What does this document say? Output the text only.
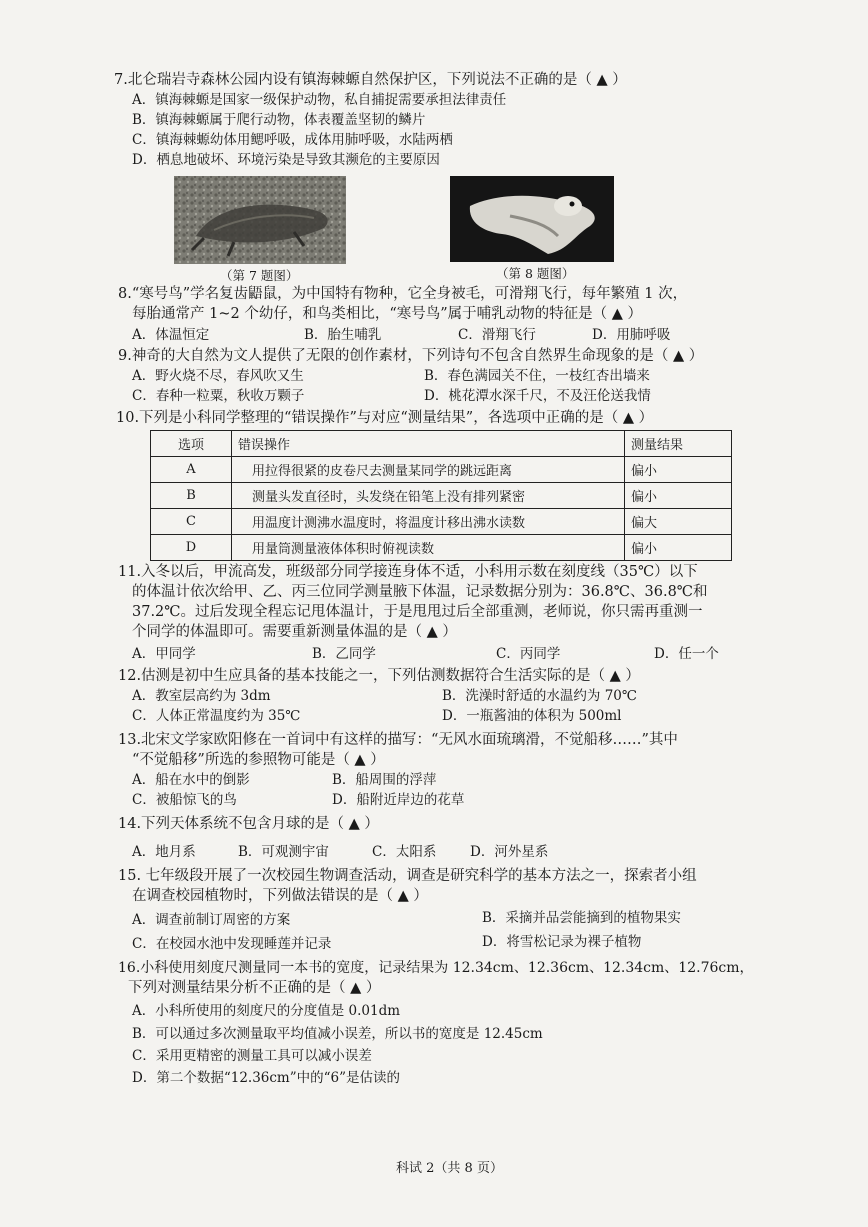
7.北仑瑞岩寺森林公园内设有镇海棘螈自然保护区，下列说法不正确的是（ ▲ ）
A．镇海棘螈是国家一级保护动物，私自捕捉需要承担法律责任
B．镇海棘螈属于爬行动物，体表覆盖坚韧的鳞片
C．镇海棘螈幼体用鳃呼吸，成体用肺呼吸，水陆两栖
D．栖息地破坏、环境污染是导致其濒危的主要原因
（第 7 题图）	（第 8 题图）
8.“寒号鸟”学名复齿鼯鼠，为中国特有物种，它全身被毛，可滑翔飞行，每年繁殖 1 次，
每胎通常产 1~2 个幼仔，和鸟类相比，“寒号鸟”属于哺乳动物的特征是（ ▲ ）
A．体温恒定	B．胎生哺乳	C．滑翔飞行	D．用肺呼吸
9.神奇的大自然为文人提供了无限的创作素材，下列诗句不包含自然界生命现象的是（ ▲ ）
A．野火烧不尽，春风吹又生	B．春色满园关不住，一枝红杏出墙来
C．春种一粒粟，秋收万颗子	D．桃花潭水深千尺，不及汪伦送我情
10.下列是小科同学整理的“错误操作”与对应“测量结果”，各选项中正确的是（ ▲ ）
选项	错误操作	测量结果
A	用拉得很紧的皮卷尺去测量某同学的跳远距离	偏小
B	测量头发直径时，头发绕在铅笔上没有排列紧密	偏小
C	用温度计测沸水温度时，将温度计移出沸水读数	偏大
D	用量筒测量液体体积时俯视读数	偏小
11.入冬以后，甲流高发，班级部分同学接连身体不适，小科用示数在刻度线（35℃）以下
的体温计依次给甲、乙、丙三位同学测量腋下体温，记录数据分别为：36.8℃、36.8℃和
37.2℃。过后发现全程忘记甩体温计，于是甩甩过后全部重测，老师说，你只需再重测一
个同学的体温即可。需要重新测量体温的是（ ▲ ）
A．甲同学	B．乙同学	C．丙同学	D．任一个
12.估测是初中生应具备的基本技能之一，下列估测数据符合生活实际的是（ ▲ ）
A．教室层高约为 3dm	B．洗澡时舒适的水温约为 70℃
C．人体正常温度约为 35℃	D．一瓶酱油的体积为 500ml
13.北宋文学家欧阳修在一首词中有这样的描写：“无风水面琉璃滑，不觉船移……”其中
“不觉船移”所选的参照物可能是（ ▲ ）
A．船在水中的倒影	B．船周围的浮萍
C．被船惊飞的鸟	D．船附近岸边的花草
14.下列天体系统不包含月球的是（ ▲ ）
A．地月系	B．可观测宇宙	C．太阳系 D．河外星系
15. 七年级段开展了一次校园生物调查活动，调查是研究科学的基本方法之一，探索者小组
在调查校园植物时，下列做法错误的是（ ▲ ）
A．调查前制订周密的方案	B．采摘并品尝能摘到的植物果实
C．在校园水池中发现睡莲并记录	D．将雪松记录为裸子植物
16.小科使用刻度尺测量同一本书的宽度，记录结果为 12.34cm、12.36cm、12.34cm、12.76cm，
下列对测量结果分析不正确的是（ ▲ ）
A．小科所使用的刻度尺的分度值是 0.01dm
B．可以通过多次测量取平均值减小误差，所以书的宽度是 12.45cm
C．采用更精密的测量工具可以减小误差
D．第二个数据“12.36cm”中的“6”是估读的
科试 2（共 8 页）
